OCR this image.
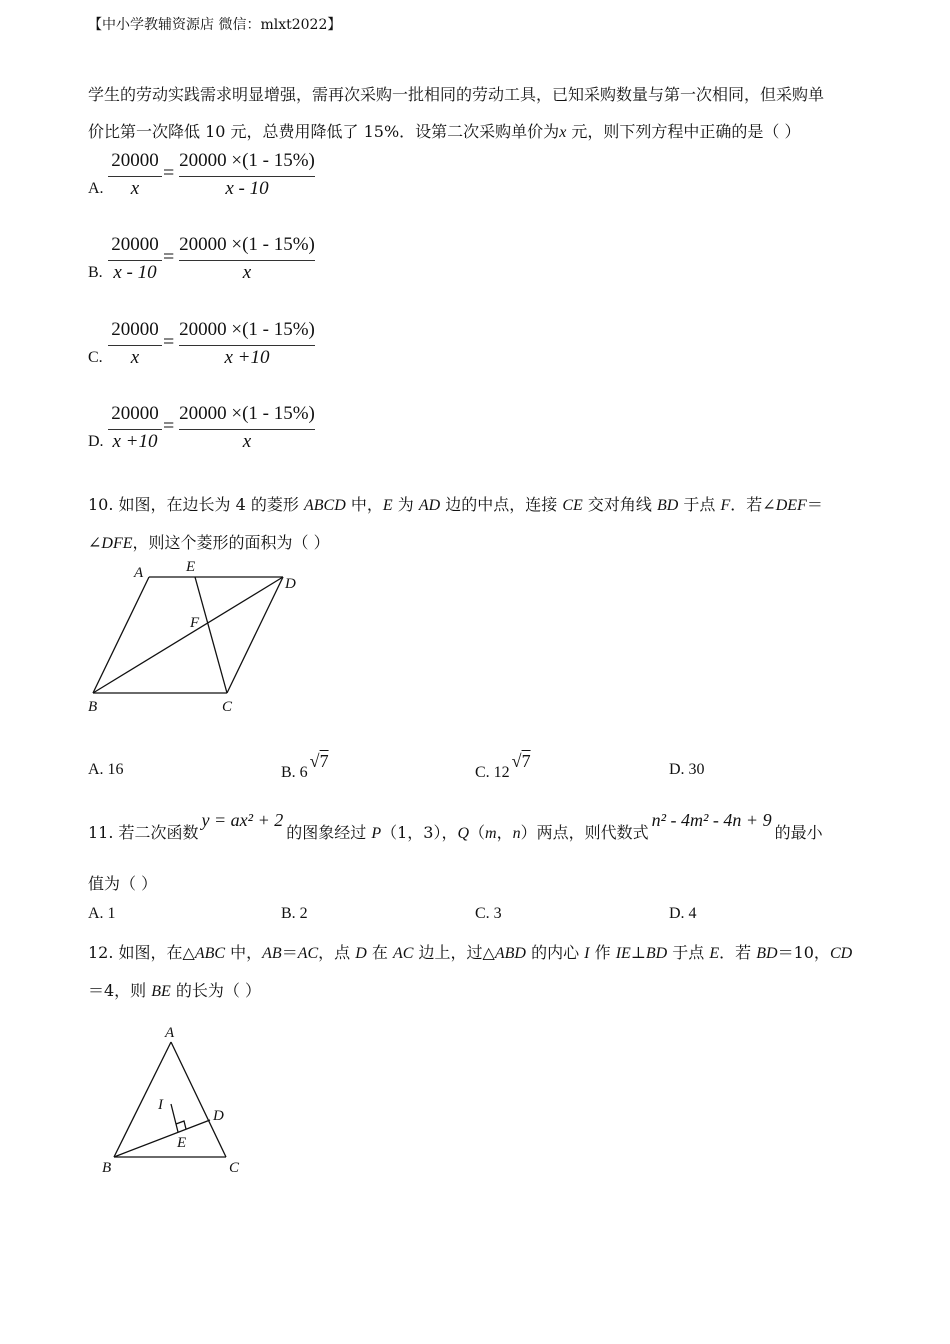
【中小学教辅资源店 微信：mlxt2022】
学生的劳动实践需求明显增强，需再次采购一批相同的劳动工具，已知采购数量与第一次相同，但采购单
价比第一次降低 10 元，总费用降低了 15%．设第二次采购单价为x 元，则下列方程中正确的是（ ）
A.
20000
x
=
20000 ×(1 - 15%)
x - 10
B.
20000
x - 10
=
20000 ×(1 - 15%)
x
C.
20000
x
=
20000 ×(1 - 15%)
x +10
D.
20000
x +10
=
20000 ×(1 - 15%)
x
10. 如图，在边长为 4 的菱形 ABCD 中，E 为 AD 边的中点，连接 CE 交对角线 BD 于点 F．若∠DEF＝
∠DFE，则这个菱形的面积为（ ）
A	E
D
F
B	C
A. 16	B. 6√7
C. 12√7	D. 30
11. 若二次函数y = ax² + 2的图象经过 P（1，3），Q（m，n）两点，则代数式n² - 4m² - 4n + 9的最小
值为（ ）
A. 1	B. 2	C. 3	D. 4
12. 如图，在△ABC 中，AB＝AC，点 D 在 AC 边上，过△ABD 的内心 I 作 IE⊥BD 于点 E．若 BD＝10，CD
＝4，则 BE 的长为（ ）
A
I
D
E
B	C
